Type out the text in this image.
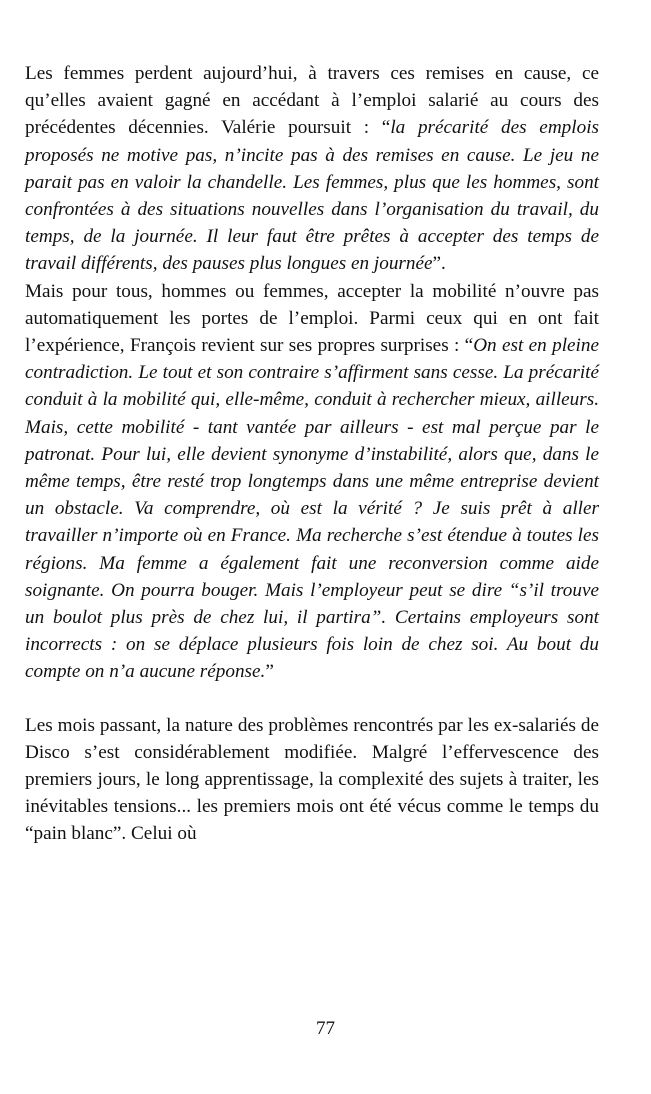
Les femmes perdent aujourd’hui, à travers ces remises en cause, ce qu’elles avaient gagné en accédant à l’emploi salarié au cours des précédentes décennies. Valérie poursuit : “la précarité des emplois proposés ne motive pas, n’incite pas à des remises en cause. Le jeu ne parait pas en valoir la chandelle. Les femmes, plus que les hommes, sont confrontées à des situations nouvelles dans l’organisation du travail, du temps, de la journée. Il leur faut être prêtes à accepter des temps de travail différents, des pauses plus longues en journée”.

Mais pour tous, hommes ou femmes, accepter la mobilité n’ouvre pas automatiquement les portes de l’emploi. Parmi ceux qui en ont fait l’expérience, François revient sur ses propres surprises : “On est en pleine contradiction. Le tout et son contraire s’affirment sans cesse. La précarité conduit à la mobilité qui, elle-même, conduit à rechercher mieux, ailleurs. Mais, cette mobilité - tant vantée par ailleurs - est mal perçue par le patronat. Pour lui, elle devient synonyme d’instabilité, alors que, dans le même temps, être resté trop longtemps dans une même entreprise devient un obstacle. Va comprendre, où est la vérité ? Je suis prêt à aller travailler n’importe où en France. Ma recherche s’est étendue à toutes les régions. Ma femme a également fait une reconversion comme aide soignante. On pourra bouger. Mais l’employeur peut se dire “s’il trouve un boulot plus près de chez lui, il partira”. Certains employeurs sont incorrects : on se déplace plusieurs fois loin de chez soi. Au bout du compte on n’a aucune réponse.”

Les mois passant, la nature des problèmes rencontrés par les ex-salariés de Disco s’est considérablement modifiée. Malgré l’effervescence des premiers jours, le long apprentissage, la complexité des sujets à traiter, les inévitables tensions... les premiers mois ont été vécus comme le temps du “pain blanc”. Celui où

77
